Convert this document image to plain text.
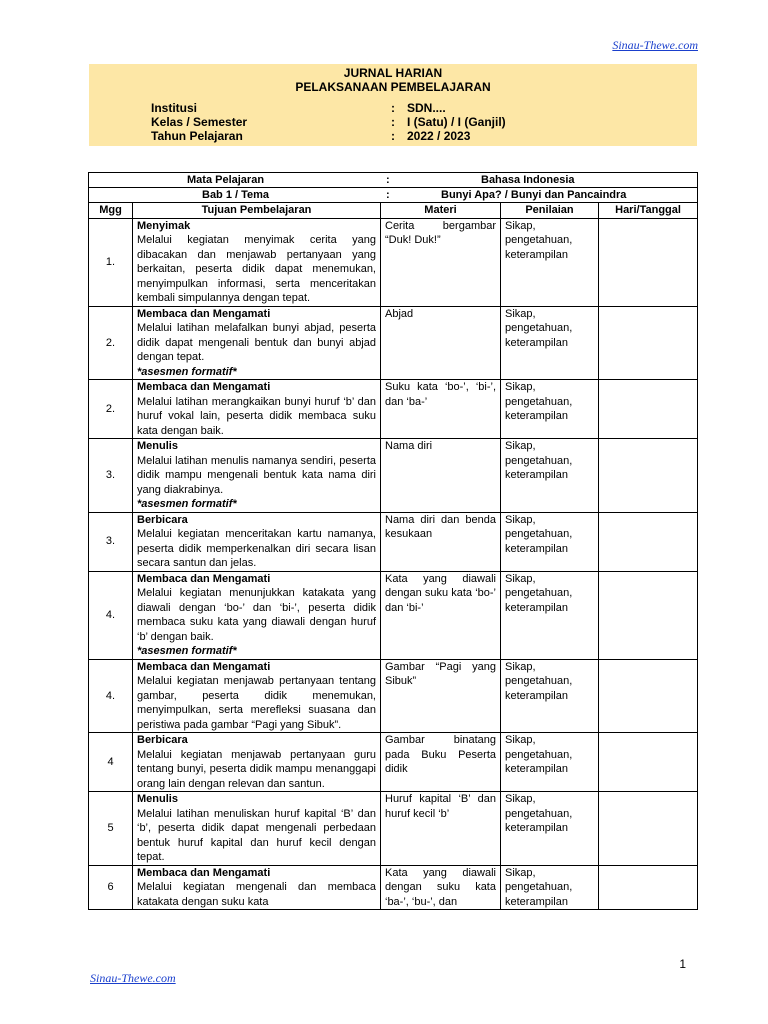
Sinau-Thewe.com
JURNAL HARIAN
PELAKSANAAN PEMBELAJARAN
Institusi	: SDN....
Kelas / Semester	: I (Satu) / I (Ganjil)
Tahun Pelajaran	: 2022 / 2023
Mata Pelajaran : Bahasa Indonesia				

Bab 1 / Tema : Bunyi Apa? / Bunyi dan Pancaindra				

Mgg	Tujuan Pembelajaran	Materi	Penilaian	Hari/Tanggal
1.	Menyimak
Melalui kegiatan menyimak cerita yang dibacakan dan menjawab pertanyaan yang berkaitan, peserta didik dapat menemukan, menyimpulkan informasi, serta menceritakan kembali simpulannya dengan tepat.	Cerita bergambar “Duk! Duk!”	Sikap, pengetahuan, keterampilan	
2.	Membaca dan Mengamati
Melalui latihan melafalkan bunyi abjad, peserta didik dapat mengenali bentuk dan bunyi abjad dengan tepat.
*asesmen formatif*	Abjad	Sikap, pengetahuan, keterampilan	
2.	Membaca dan Mengamati
Melalui latihan merangkaikan bunyi huruf ‘b’ dan huruf vokal lain, peserta didik membaca suku kata dengan baik.	Suku kata ‘bo-’, ‘bi-’, dan ‘ba-’	Sikap, pengetahuan, keterampilan	
3.	Menulis
Melalui latihan menulis namanya sendiri, peserta didik mampu mengenali bentuk kata nama diri yang diakrabinya.
*asesmen formatif*	Nama diri	Sikap, pengetahuan, keterampilan	
3.	Berbicara
Melalui kegiatan menceritakan kartu namanya, peserta didik memperkenalkan diri secara lisan secara santun dan jelas.	Nama diri dan benda kesukaan	Sikap, pengetahuan, keterampilan	
4.	Membaca dan Mengamati
Melalui kegiatan menunjukkan katakata yang diawali dengan ‘bo-’ dan ‘bi-’, peserta didik membaca suku kata yang diawali dengan huruf ‘b’ dengan baik.
*asesmen formatif*	Kata yang diawali dengan suku kata ‘bo-’ dan ‘bi-’	Sikap, pengetahuan, keterampilan	
4.	Membaca dan Mengamati
Melalui kegiatan menjawab pertanyaan tentang gambar, peserta didik menemukan, menyimpulkan, serta merefleksi suasana dan peristiwa pada gambar “Pagi yang Sibuk”.	Gambar “Pagi yang Sibuk”	Sikap, pengetahuan, keterampilan	
4	Berbicara
Melalui kegiatan menjawab pertanyaan guru tentang bunyi, peserta didik mampu menanggapi orang lain dengan relevan dan santun.	Gambar binatang pada Buku Peserta didik	Sikap, pengetahuan, keterampilan	
5	Menulis
Melalui latihan menuliskan huruf kapital ‘B’ dan ‘b’, peserta didik dapat mengenali perbedaan bentuk huruf kapital dan huruf kecil dengan tepat.	Huruf kapital ‘B’ dan huruf kecil ‘b’	Sikap, pengetahuan, keterampilan	
6	Membaca dan Mengamati
Melalui kegiatan mengenali dan membaca katakata dengan suku kata	Kata yang diawali dengan suku kata ‘ba-’, ‘bu-’, dan	Sikap, pengetahuan, keterampilan	
1
Sinau-Thewe.com
